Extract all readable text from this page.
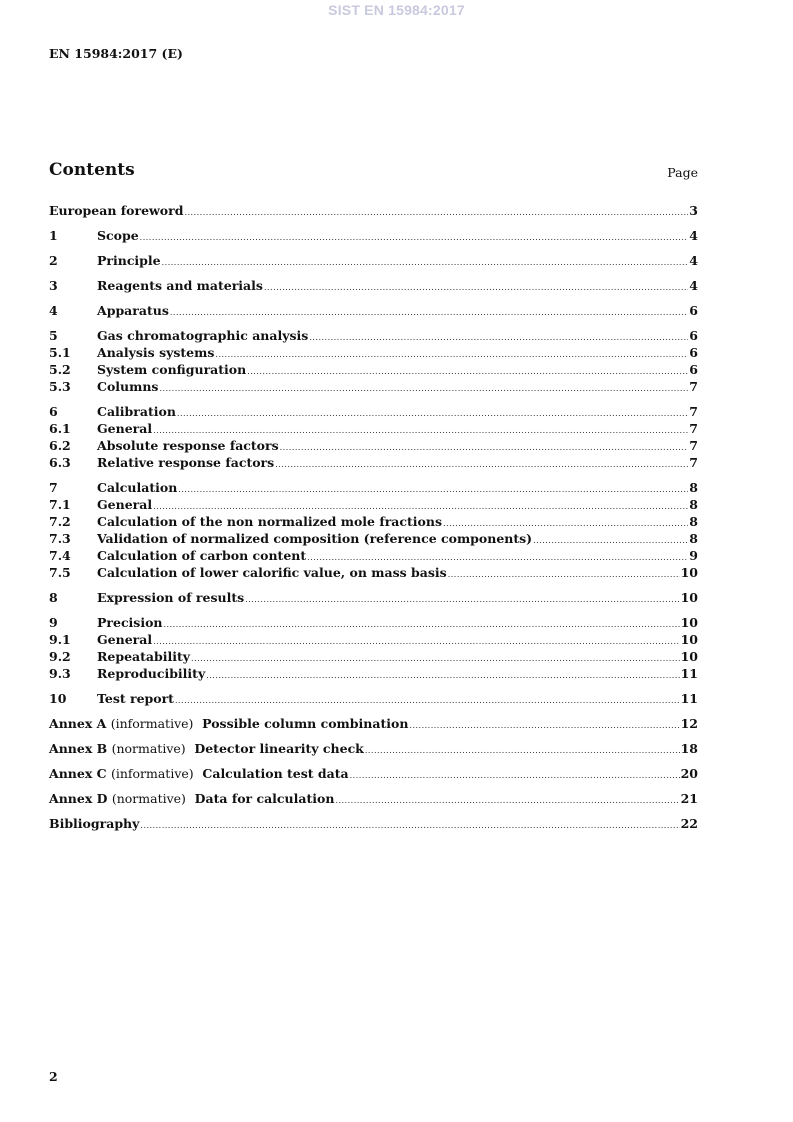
SIST EN 15984:2017
EN 15984:2017 (E)
Contents	Page
European foreword .....	3
1	Scope .....	4
2	Principle .....	4
3	Reagents and materials .....	4
4	Apparatus .....	6
5	Gas chromatographic analysis .....	6
5.1	Analysis systems .....	6
5.2	System configuration .....	6
5.3	Columns .....	7
6	Calibration .....	7
6.1	General .....	7
6.2	Absolute response factors .....	7
6.3	Relative response factors .....	7
7	Calculation .....	8
7.1	General .....	8
7.2	Calculation of the non normalized mole fractions .....	8
7.3	Validation of normalized composition (reference components) .....	8
7.4	Calculation of carbon content .....	9
7.5	Calculation of lower calorific value, on mass basis .....	10
8	Expression of results .....	10
9	Precision .....	10
9.1	General .....	10
9.2	Repeatability .....	10
9.3	Reproducibility .....	11
10	Test report .....	11
Annex A (informative) Possible column combination .....	12
Annex B (normative) Detector linearity check .....	18
Annex C (informative) Calculation test data .....	20
Annex D (normative) Data for calculation .....	21
Bibliography .....	22
2
